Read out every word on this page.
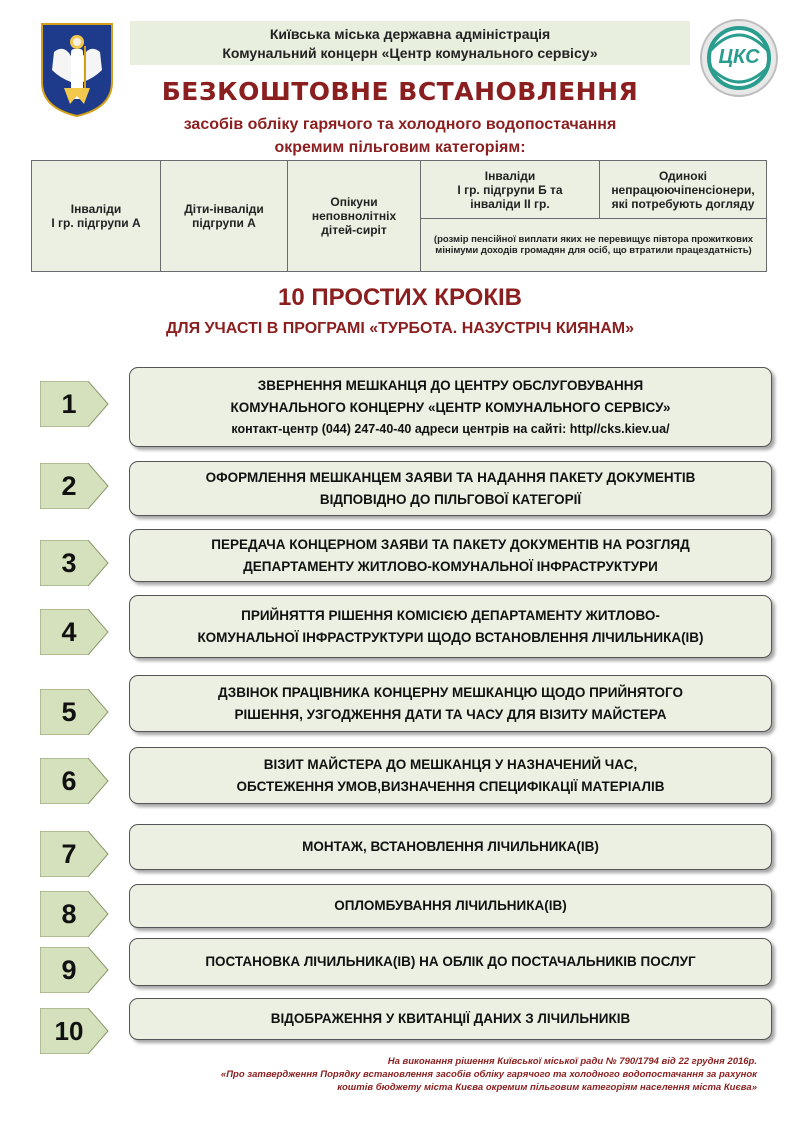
Київська міська державна адміністрація
Комунальний концерн «Центр комунального сервісу»	ЦКС
БЕЗКОШТОВНЕ ВСТАНОВЛЕННЯ
засобів обліку гарячого та холодного водопостачання
окремим пільговим категоріям:
Інваліди
І гр. підгрупи А

Діти-інваліди
підгрупи А

Опікуни
неповнолітніх
дітей-сиріт

Інваліди
І гр. підгрупи Б та
інваліди ІІ гр.

Одинокі
непрацюючіпенсіонери,
які потребують догляду

(розмір пенсійної виплати яких не перевищує півтора прожиткових мінімуми доходів громадян для осіб, що втратили працездатність)
10 ПРОСТИХ КРОКІВ
ДЛЯ УЧАСТІ В ПРОГРАМІ «ТУРБОТА. НАЗУСТРІЧ КИЯНАМ»
1
ЗВЕРНЕННЯ МЕШКАНЦЯ ДО ЦЕНТРУ ОБСЛУГОВУВАННЯ
КОМУНАЛЬНОГО КОНЦЕРНУ «ЦЕНТР КОМУНАЛЬНОГО СЕРВІСУ»
контакт-центр (044) 247-40-40 адреси центрів на сайті: http//cks.kiev.ua/
2	ОФОРМЛЕННЯ МЕШКАНЦЕМ ЗАЯВИ ТА НАДАННЯ ПАКЕТУ ДОКУМЕНТІВ
ВІДПОВІДНО ДО ПІЛЬГОВОЇ КАТЕГОРІЇ
3
ПЕРЕДАЧА КОНЦЕРНОМ ЗАЯВИ ТА ПАКЕТУ ДОКУМЕНТІВ НА РОЗГЛЯД
ДЕПАРТАМЕНТУ ЖИТЛОВО-КОМУНАЛЬНОЇ ІНФРАСТРУКТУРИ
4
ПРИЙНЯТТЯ РІШЕННЯ КОМІСІЄЮ ДЕПАРТАМЕНТУ ЖИТЛОВО-
КОМУНАЛЬНОЇ ІНФРАСТРУКТУРИ ЩОДО ВСТАНОВЛЕННЯ ЛІЧИЛЬНИКА(ІВ)
5
ДЗВІНОК ПРАЦІВНИКА КОНЦЕРНУ МЕШКАНЦЮ ЩОДО ПРИЙНЯТОГО
РІШЕННЯ, УЗГОДЖЕННЯ ДАТИ ТА ЧАСУ ДЛЯ ВІЗИТУ МАЙСТЕРА
6
ВІЗИТ МАЙСТЕРА ДО МЕШКАНЦЯ У НАЗНАЧЕНИЙ ЧАС,
ОБСТЕЖЕННЯ УМОВ,ВИЗНАЧЕННЯ СПЕЦИФІКАЦІЇ МАТЕРІАЛІВ
7	МОНТАЖ, ВСТАНОВЛЕННЯ ЛІЧИЛЬНИКА(ІВ)
8	ОПЛОМБУВАННЯ ЛІЧИЛЬНИКА(ІВ)
9	ПОСТАНОВКА ЛІЧИЛЬНИКА(ІВ) НА ОБЛІК ДО ПОСТАЧАЛЬНИКІВ ПОСЛУГ
10	ВІДОБРАЖЕННЯ У КВИТАНЦІЇ ДАНИХ З ЛІЧИЛЬНИКІВ
На виконання рішення Київської міської ради № 790/1794 від 22 грудня 2016р.
«Про затвердження Порядку встановлення засобів обліку гарячого та холодного водопостачання за рахунок
коштів бюджету міста Києва окремим пільговим категоріям населення міста Києва»
